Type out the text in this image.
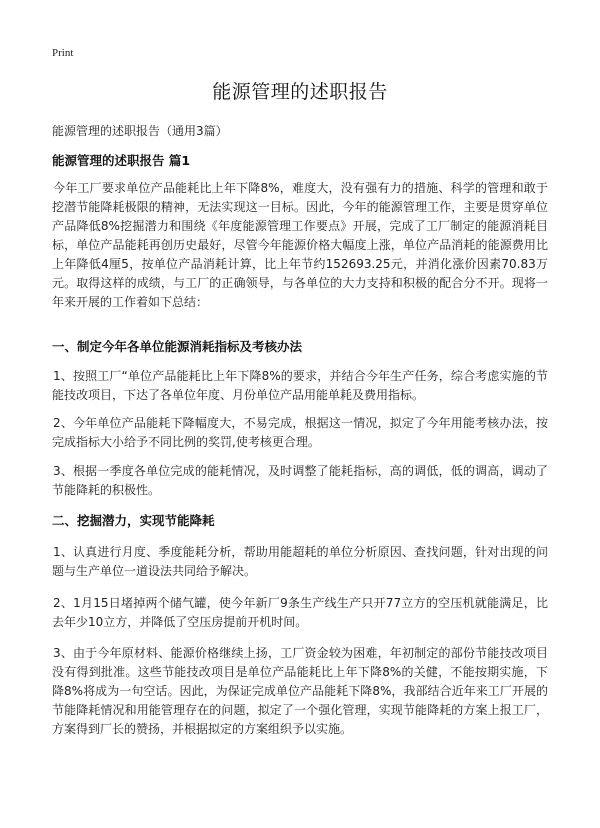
Print
能源管理的述职报告
能源管理的述职报告（通用3篇）
能源管理的述职报告 篇1
今年工厂要求单位产品能耗比上年下降8%，难度大，没有强有力的措施、科学的管理和敢于挖潜节能降耗极限的精神，无法实现这一目标。因此，今年的能源管理工作，主要是贯穿单位产品降低8%挖掘潜力和围绕《年度能源管理工作要点》开展，完成了工厂制定的能源消耗目标，单位产品能耗再创历史最好，尽管今年能源价格大幅度上涨，单位产品消耗的能源费用比上年降低4厘5，按单位产品消耗计算，比上年节约152693.25元，并消化涨价因素70.83万元。取得这样的成绩，与工厂的正确领导，与各单位的大力支持和积极的配合分不开。现将一年来开展的工作着如下总结：
一、制定今年各单位能源消耗指标及考核办法
1、按照工厂“单位产品能耗比上年下降8%的要求，并结合今年生产任务，综合考虑实施的节能技改项目，下达了各单位年度、月份单位产品用能单耗及费用指标。
2、今年单位产品能耗下降幅度大，不易完成，根据这一情况，拟定了今年用能考核办法，按完成指标大小给予不同比例的奖罚,使考核更合理。
3、根据一季度各单位完成的能耗情况，及时调整了能耗指标，高的调低，低的调高，调动了节能降耗的积极性。
二、挖掘潜力，实现节能降耗
1、认真进行月度、季度能耗分析，帮助用能超耗的单位分析原因、查找问题，针对出现的问题与生产单位一道设法共同给予解决。
2、1月15日堵掉两个储气罐，使今年新厂9条生产线生产只开77立方的空压机就能满足，比去年少10立方，并降低了空压房提前开机时间。
3、由于今年原材料、能源价格继续上扬，工厂资金较为困难，年初制定的部份节能技改项目没有得到批准。这些节能技改项目是单位产品能耗比上年下降8%的关健，不能按期实施，下降8%将成为一句空话。因此，为保证完成单位产品能耗下降8%，我部结合近年来工厂开展的节能降耗情况和用能管理存在的问题，拟定了一个强化管理，实现节能降耗的方案上报工厂，方案得到厂长的赞扬，并根据拟定的方案组织予以实施。
